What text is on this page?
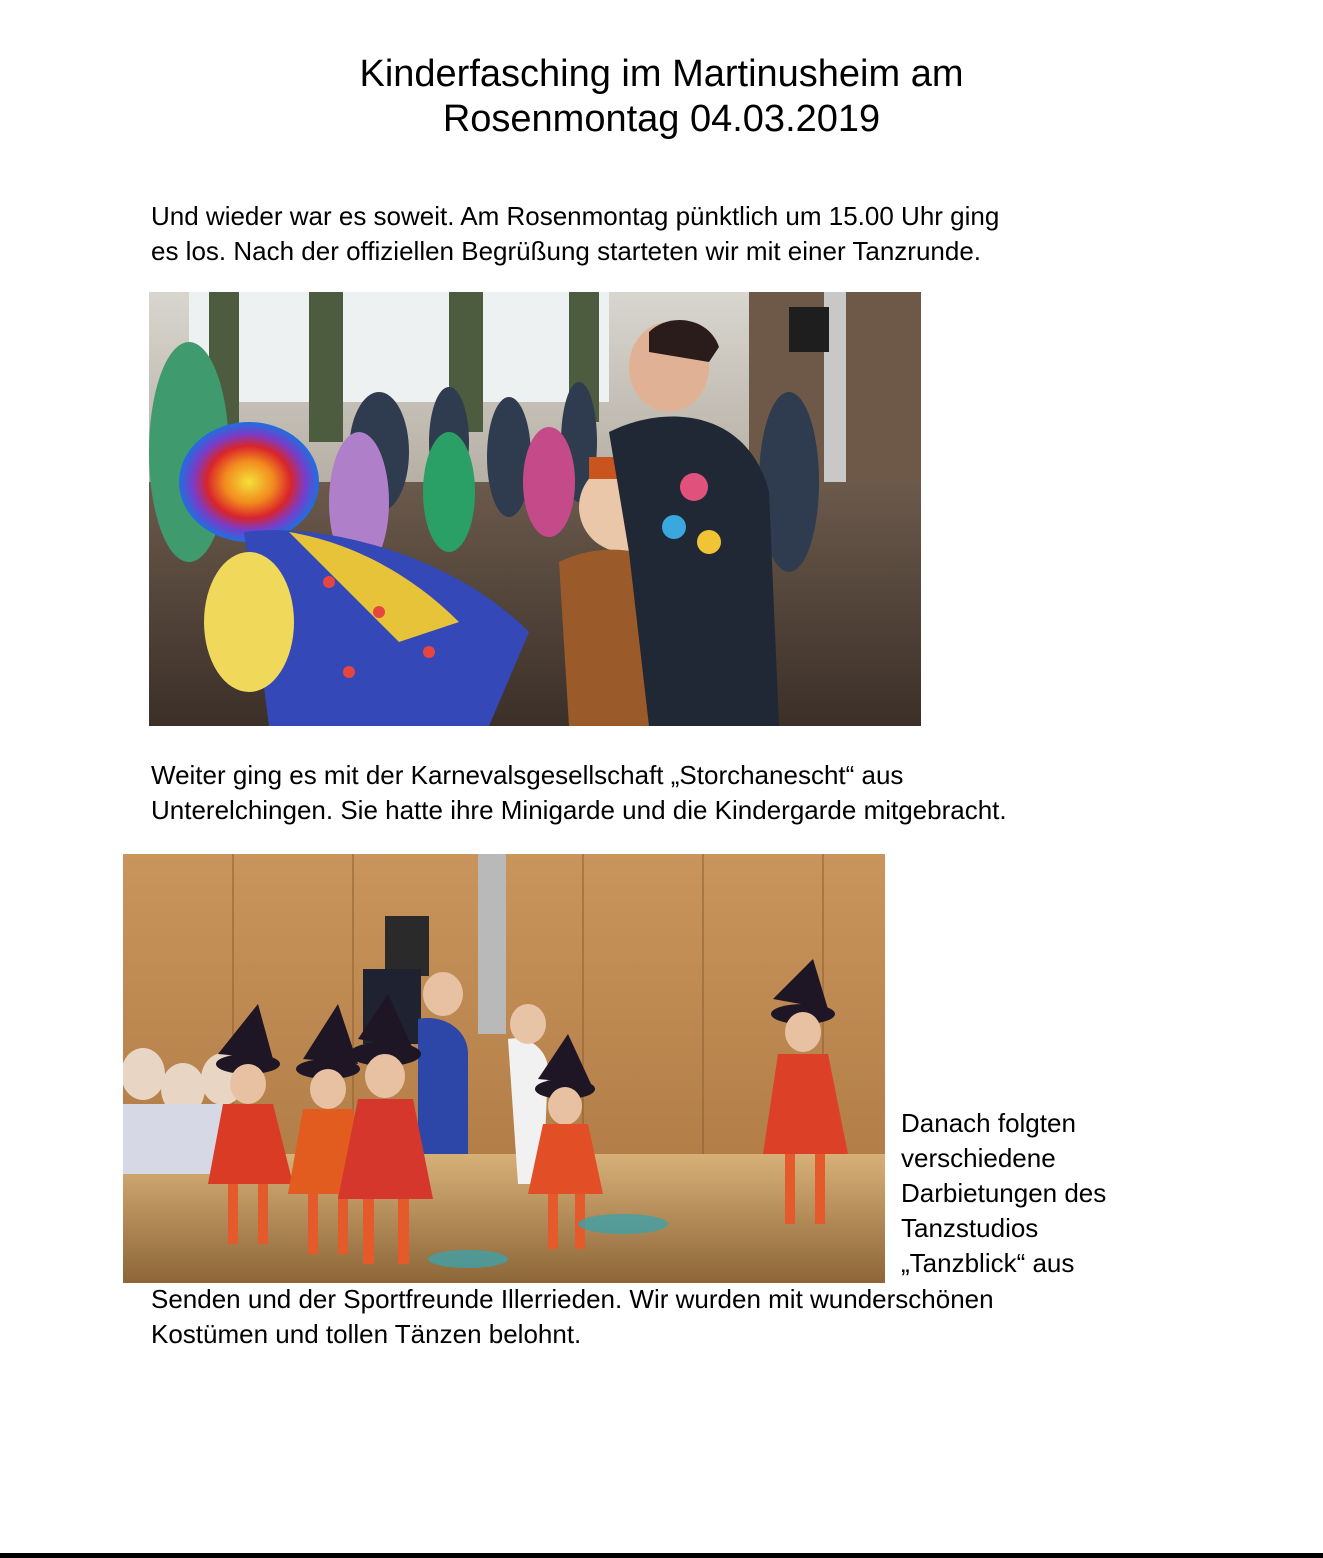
Kinderfasching im Martinusheim am
Rosenmontag 04.03.2019

Und wieder war es soweit. Am Rosenmontag pünktlich um 15.00 Uhr ging
es los. Nach der offiziellen Begrüßung starteten wir mit einer Tanzrunde.

Weiter ging es mit der Karnevalsgesellschaft „Storchanescht“ aus
Unterelchingen. Sie hatte ihre Minigarde und die Kindergarde mitgebracht.

Danach folgten
verschiedene
Darbietungen des
Tanzstudios
„Tanzblick“ aus

Senden und der Sportfreunde Illerrieden. Wir wurden mit wunderschönen
Kostümen und tollen Tänzen belohnt.
